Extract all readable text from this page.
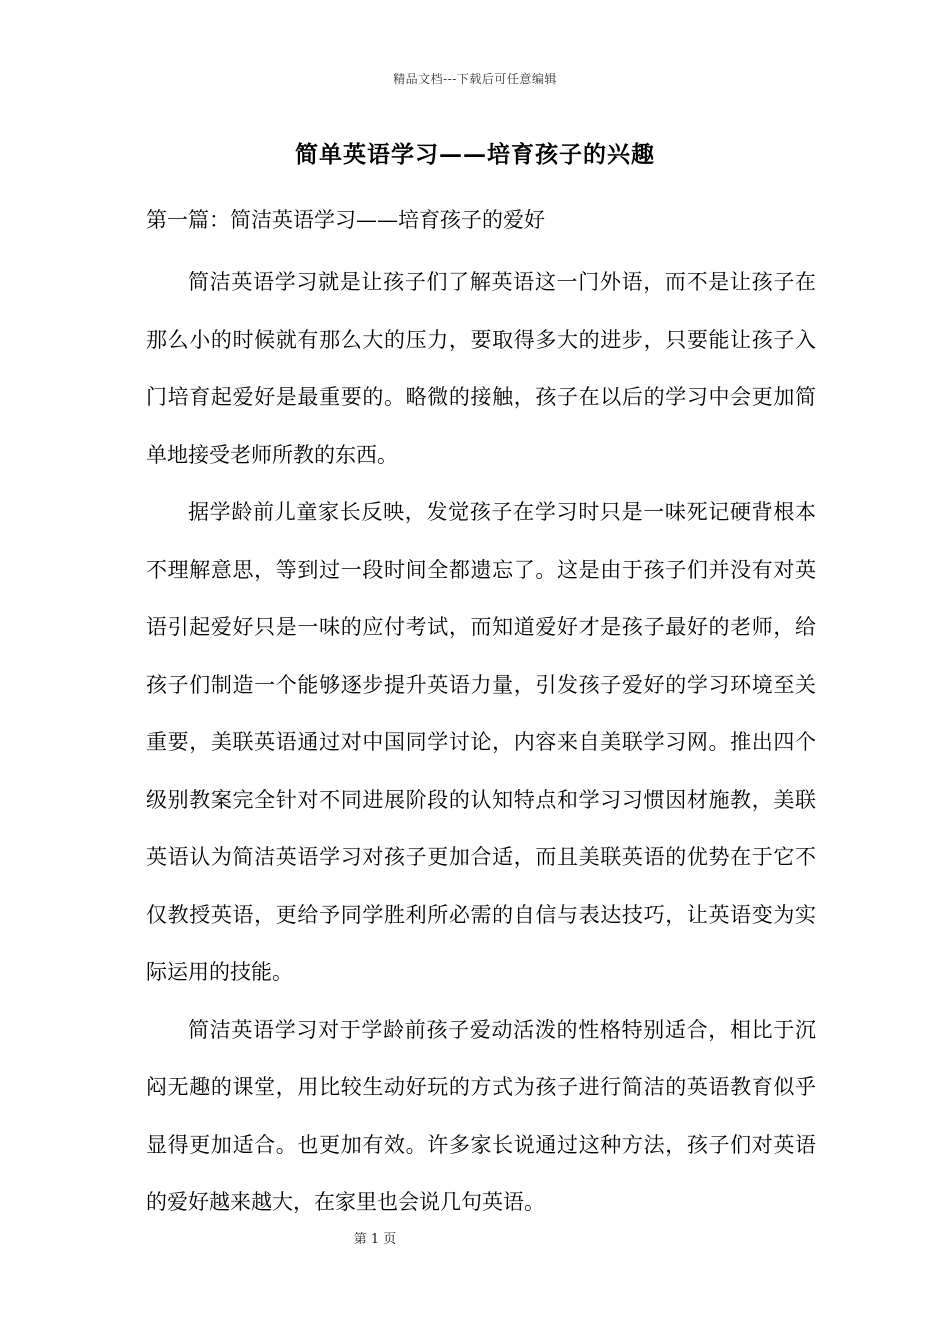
精品文档---下载后可任意编辑
简单英语学习——培育孩子的兴趣
第一篇：简洁英语学习——培育孩子的爱好

简洁英语学习就是让孩子们了解英语这一门外语，而不是让孩子在那么小的时候就有那么大的压力，要取得多大的进步，只要能让孩子入门培育起爱好是最重要的。略微的接触，孩子在以后的学习中会更加简单地接受老师所教的东西。

据学龄前儿童家长反映，发觉孩子在学习时只是一味死记硬背根本不理解意思，等到过一段时间全都遗忘了。这是由于孩子们并没有对英语引起爱好只是一味的应付考试，而知道爱好才是孩子最好的老师，给孩子们制造一个能够逐步提升英语力量，引发孩子爱好的学习环境至关重要，美联英语通过对中国同学讨论，内容来自美联学习网。推出四个级别教案完全针对不同进展阶段的认知特点和学习习惯因材施教，美联英语认为简洁英语学习对孩子更加合适，而且美联英语的优势在于它不仅教授英语，更给予同学胜利所必需的自信与表达技巧，让英语变为实际运用的技能。

简洁英语学习对于学龄前孩子爱动活泼的性格特别适合，相比于沉闷无趣的课堂，用比较生动好玩的方式为孩子进行简洁的英语教育似乎显得更加适合。也更加有效。许多家长说通过这种方法，孩子们对英语的爱好越来越大，在家里也会说几句英语。

第 1 页
